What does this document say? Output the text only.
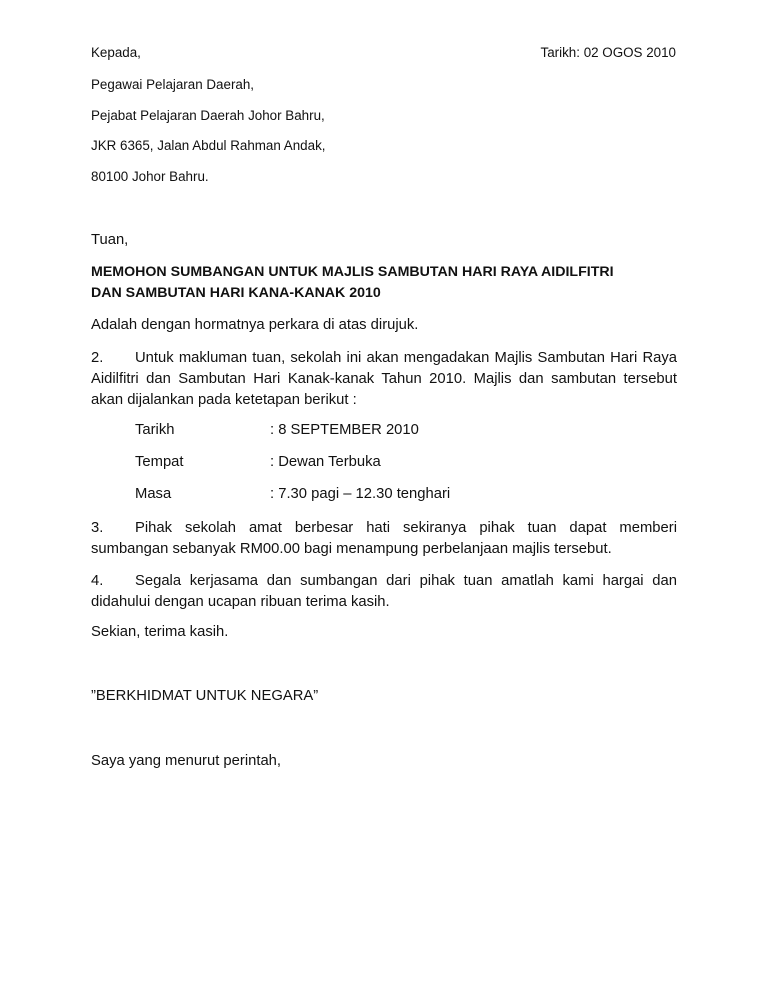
Kepada,	Tarikh: 02 OGOS 2010

Pegawai Pelajaran Daerah,

Pejabat Pelajaran Daerah Johor Bahru,

JKR 6365, Jalan Abdul Rahman Andak,

80100 Johor Bahru.

Tuan,

MEMOHON SUMBANGAN UNTUK MAJLIS SAMBUTAN HARI RAYA AIDILFITRI

DAN SAMBUTAN HARI KANA-KANAK 2010

Adalah dengan hormatnya perkara di atas dirujuk.

2. Untuk makluman tuan, sekolah ini akan mengadakan Majlis Sambutan Hari Raya Aidilfitri dan Sambutan Hari Kanak-kanak Tahun 2010. Majlis dan sambutan tersebut akan dijalankan pada ketetapan berikut :

Tarikh	: 8 SEPTEMBER 2010

Tempat	: Dewan Terbuka

Masa	: 7.30 pagi – 12.30 tenghari

3. Pihak sekolah amat berbesar hati sekiranya pihak tuan dapat memberi sumbangan sebanyak RM00.00 bagi menampung perbelanjaan majlis tersebut.

4. Segala kerjasama dan sumbangan dari pihak tuan amatlah kami hargai dan didahului dengan ucapan ribuan terima kasih.

Sekian, terima kasih.

”BERKHIDMAT UNTUK NEGARA”

Saya yang menurut perintah,
